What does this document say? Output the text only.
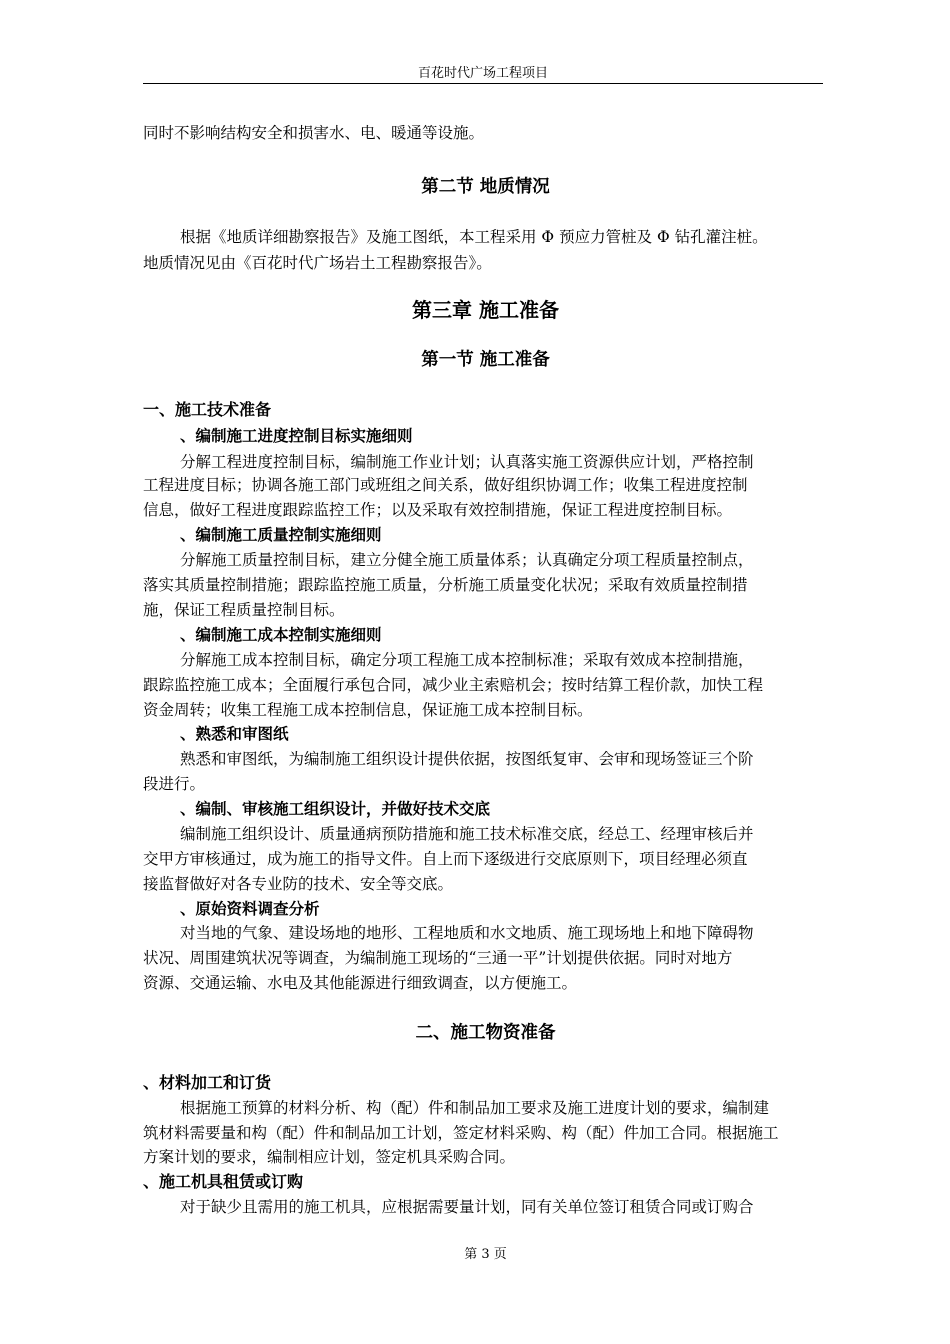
百花时代广场工程项目
同时不影响结构安全和损害水、电、暖通等设施。
第二节 地质情况
根据《地质详细勘察报告》及施工图纸，本工程采用 Φ 预应力管桩及 Φ 钻孔灌注桩。
地质情况见由《百花时代广场岩土工程勘察报告》。
第三章 施工准备
第一节 施工准备
一、施工技术准备
、编制施工进度控制目标实施细则
分解工程进度控制目标，编制施工作业计划；认真落实施工资源供应计划，严格控制
工程进度目标；协调各施工部门或班组之间关系，做好组织协调工作；收集工程进度控制
信息，做好工程进度跟踪监控工作；以及采取有效控制措施，保证工程进度控制目标。
、编制施工质量控制实施细则
分解施工质量控制目标，建立分健全施工质量体系；认真确定分项工程质量控制点，
落实其质量控制措施；跟踪监控施工质量，分析施工质量变化状况；采取有效质量控制措
施，保证工程质量控制目标。
、编制施工成本控制实施细则
分解施工成本控制目标，确定分项工程施工成本控制标准；采取有效成本控制措施，
跟踪监控施工成本；全面履行承包合同，减少业主索赔机会；按时结算工程价款，加快工程
资金周转；收集工程施工成本控制信息，保证施工成本控制目标。
、熟悉和审图纸
熟悉和审图纸，为编制施工组织设计提供依据，按图纸复审、会审和现场签证三个阶
段进行。
、编制、审核施工组织设计，并做好技术交底
编制施工组织设计、质量通病预防措施和施工技术标准交底，经总工、经理审核后并
交甲方审核通过，成为施工的指导文件。自上而下逐级进行交底原则下，项目经理必须直
接监督做好对各专业防的技术、安全等交底。
、原始资料调查分析
对当地的气象、建设场地的地形、工程地质和水文地质、施工现场地上和地下障碍物
状况、周围建筑状况等调查，为编制施工现场的“三通一平”计划提供依据。同时对地方
资源、交通运输、水电及其他能源进行细致调查，以方便施工。
二、施工物资准备
、材料加工和订货
根据施工预算的材料分析、构（配）件和制品加工要求及施工进度计划的要求，编制建
筑材料需要量和构（配）件和制品加工计划，签定材料采购、构（配）件加工合同。根据施工
方案计划的要求，编制相应计划，签定机具采购合同。
、施工机具租赁或订购
对于缺少且需用的施工机具，应根据需要量计划，同有关单位签订租赁合同或订购合
第 3 页
